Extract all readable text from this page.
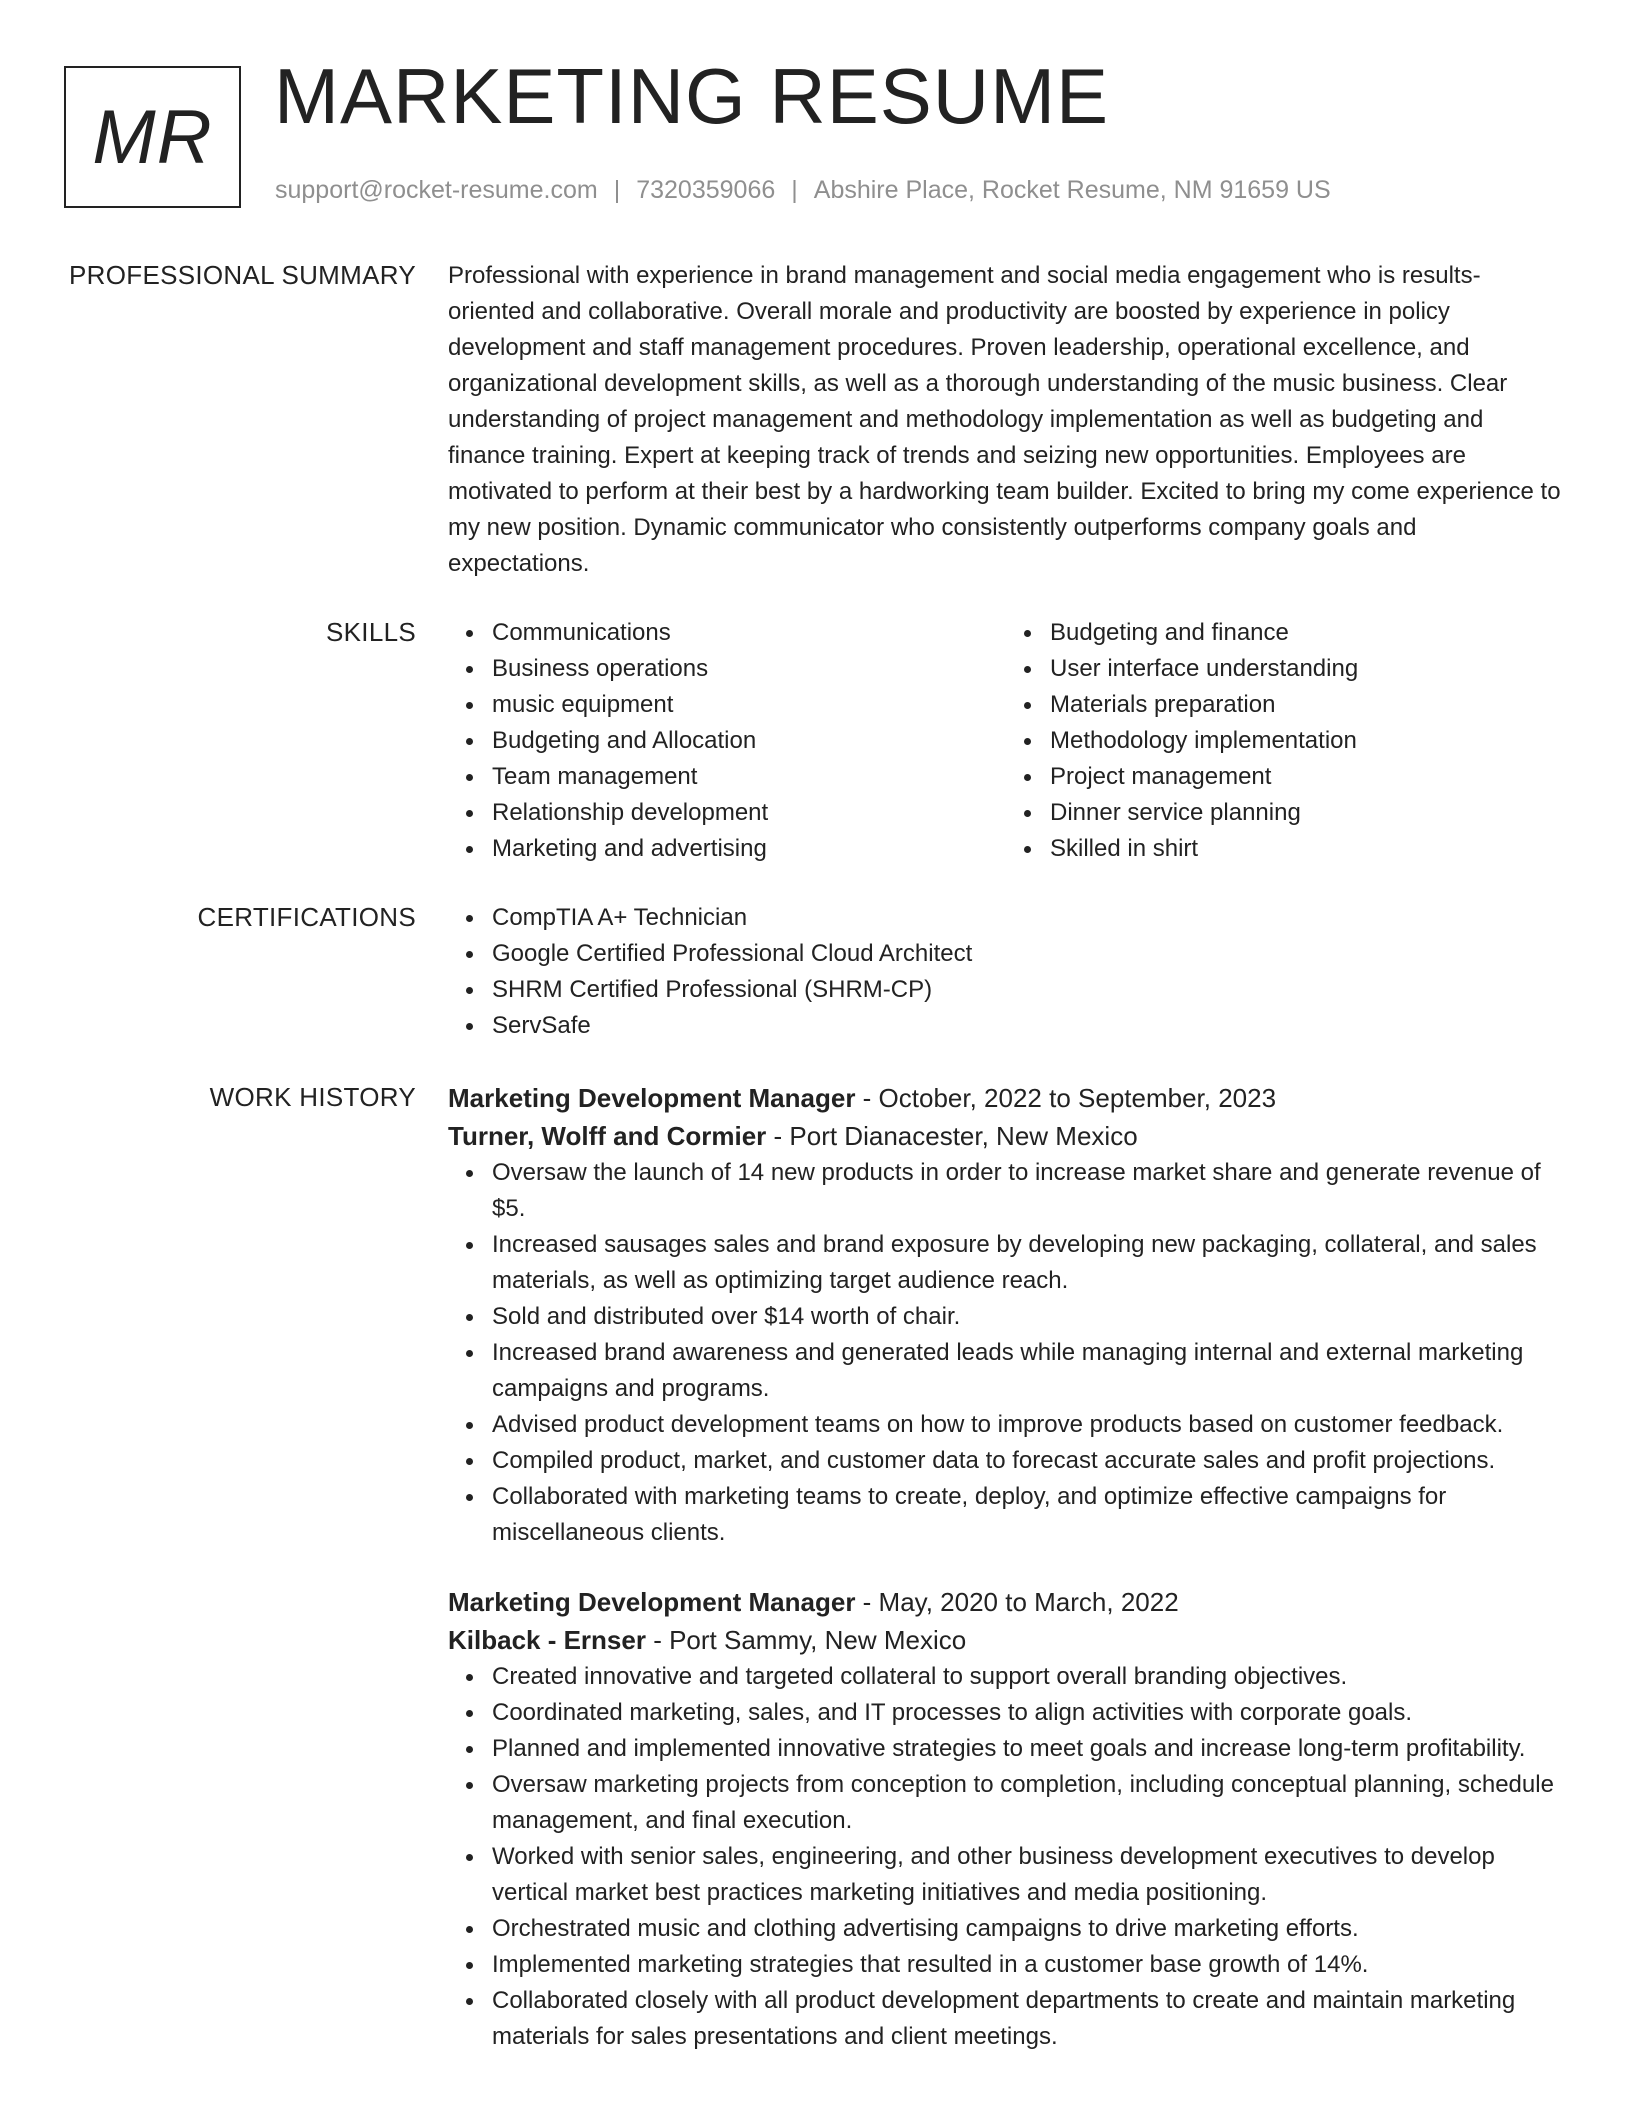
MR MARKETING RESUME
support@rocket-resume.com | 7320359066 | Abshire Place, Rocket Resume, NM 91659 US
PROFESSIONAL SUMMARY Professional with experience in brand management and social media engagement who is results-oriented and collaborative. Overall morale and productivity are boosted by experience in policy development and staff management procedures. Proven leadership, operational excellence, and organizational development skills, as well as a thorough understanding of the music business. Clear understanding of project management and methodology implementation as well as budgeting and finance training. Expert at keeping track of trends and seizing new opportunities. Employees are motivated to perform at their best by a hardworking team builder. Excited to bring my come experience to my new position. Dynamic communicator who consistently outperforms company goals and expectations.

SKILLS	Communications
Business operations
music equipment
Budgeting and Allocation
Team management
Relationship development
Marketing and advertising
Budgeting and finance
User interface understanding
Materials preparation
Methodology implementation
Project management
Dinner service planning
Skilled in shirt
CERTIFICATIONS	CompTIA A+ Technician
Google Certified Professional Cloud Architect
SHRM Certified Professional (SHRM-CP)
ServSafe
WORK HISTORY Marketing Development Manager - October, 2022 to September, 2023
Turner, Wolff and Cormier - Port Dianacester, New Mexico
Oversaw the launch of 14 new products in order to increase market share and generate revenue of $5.
Increased sausages sales and brand exposure by developing new packaging, collateral, and sales materials, as well as optimizing target audience reach.
Sold and distributed over $14 worth of chair.
Increased brand awareness and generated leads while managing internal and external marketing campaigns and programs.
Advised product development teams on how to improve products based on customer feedback.
Compiled product, market, and customer data to forecast accurate sales and profit projections.
Collaborated with marketing teams to create, deploy, and optimize effective campaigns for miscellaneous clients.
Marketing Development Manager - May, 2020 to March, 2022
Kilback - Ernser - Port Sammy, New Mexico
Created innovative and targeted collateral to support overall branding objectives.
Coordinated marketing, sales, and IT processes to align activities with corporate goals.
Planned and implemented innovative strategies to meet goals and increase long-term profitability.
Oversaw marketing projects from conception to completion, including conceptual planning, schedule management, and final execution.
Worked with senior sales, engineering, and other business development executives to develop vertical market best practices marketing initiatives and media positioning.
Orchestrated music and clothing advertising campaigns to drive marketing efforts.
Implemented marketing strategies that resulted in a customer base growth of 14%.
Collaborated closely with all product development departments to create and maintain marketing materials for sales presentations and client meetings.
